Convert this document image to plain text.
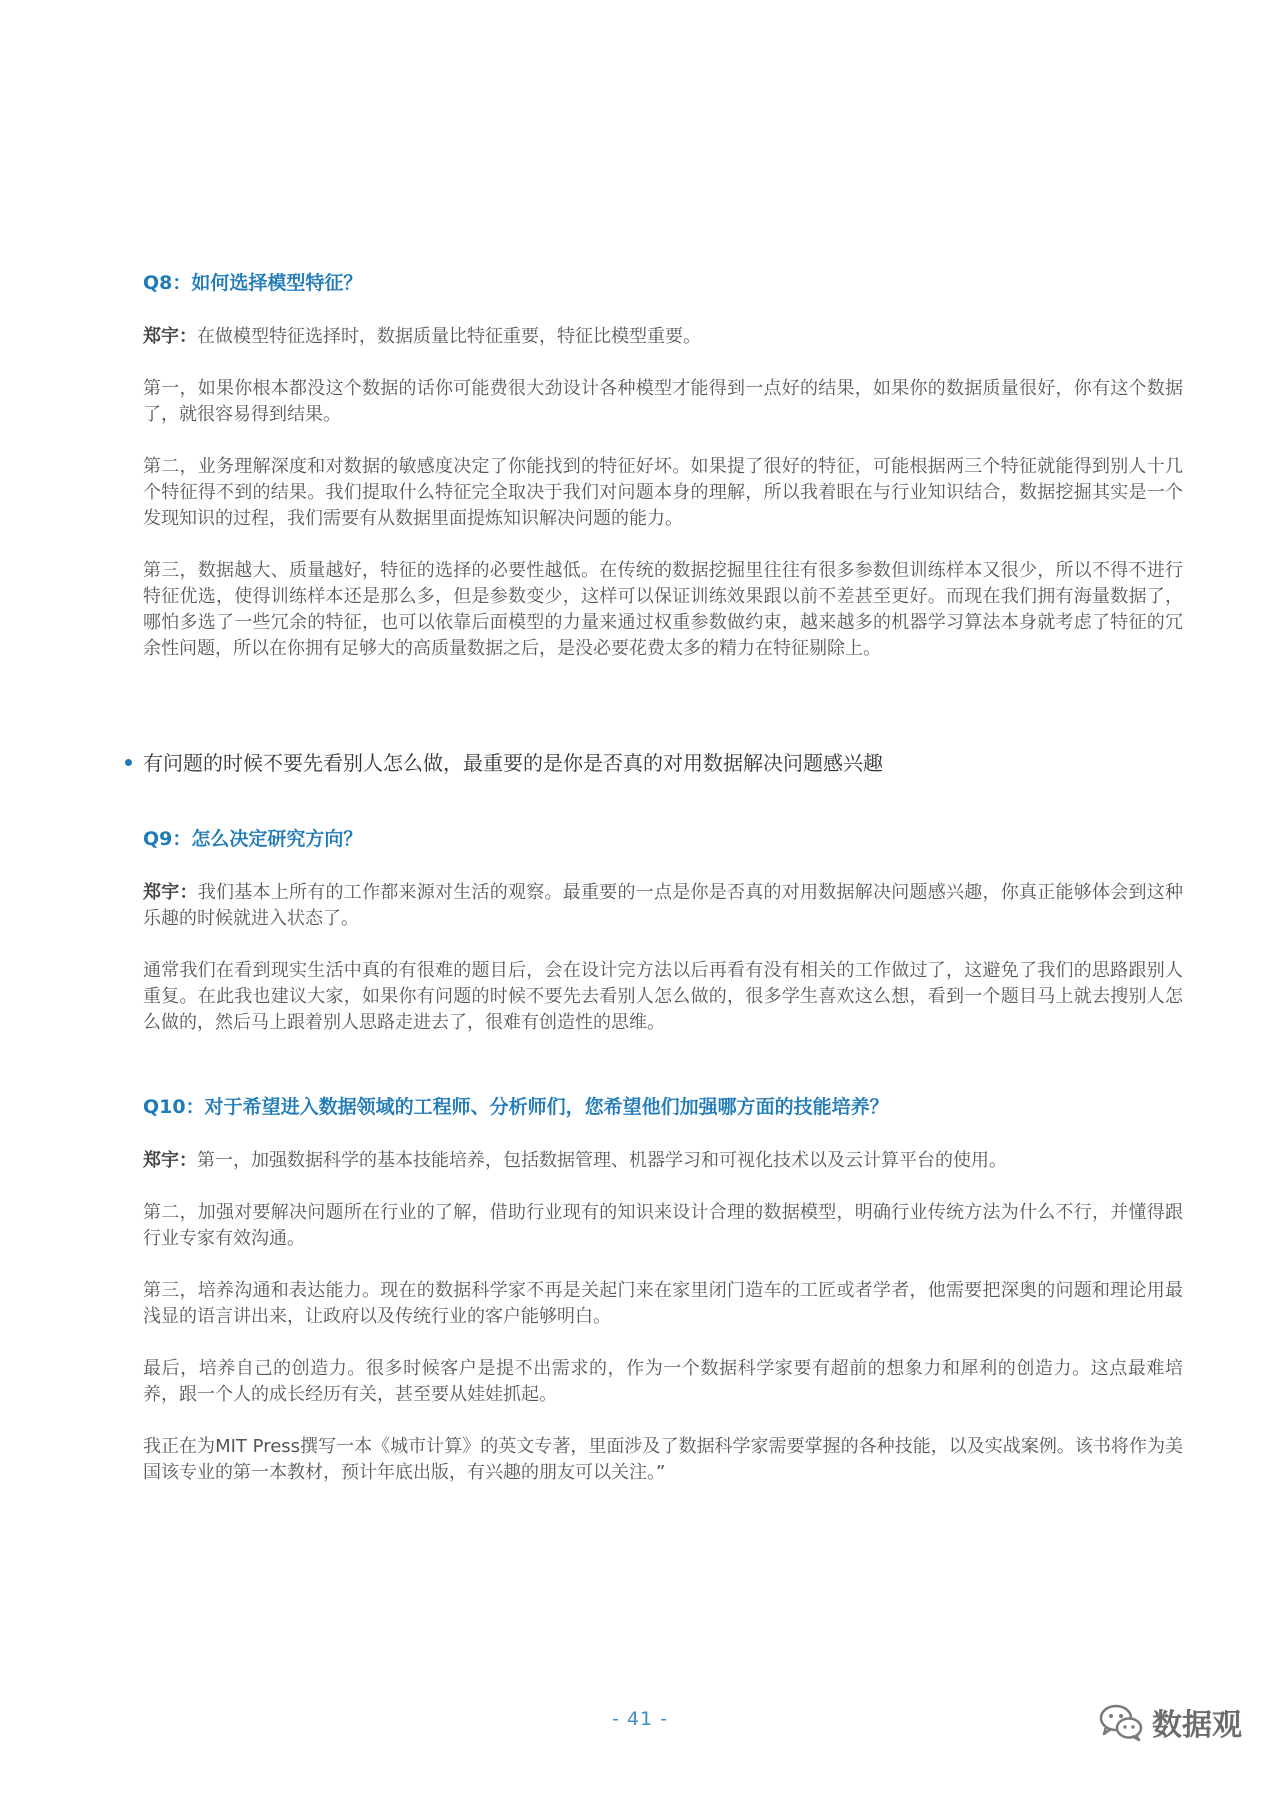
Q8：如何选择模型特征？

郑宇：在做模型特征选择时，数据质量比特征重要，特征比模型重要。

第一，如果你根本都没这个数据的话你可能费很大劲设计各种模型才能得到一点好的结果，如果你的数据质量很好，你有这个数据了，就很容易得到结果。

第二，业务理解深度和对数据的敏感度决定了你能找到的特征好坏。如果提了很好的特征，可能根据两三个特征就能得到别人十几个特征得不到的结果。我们提取什么特征完全取决于我们对问题本身的理解，所以我着眼在与行业知识结合，数据挖掘其实是一个发现知识的过程，我们需要有从数据里面提炼知识解决问题的能力。

第三，数据越大、质量越好，特征的选择的必要性越低。在传统的数据挖掘里往往有很多参数但训练样本又很少，所以不得不进行特征优选，使得训练样本还是那么多，但是参数变少，这样可以保证训练效果跟以前不差甚至更好。而现在我们拥有海量数据了，哪怕多选了一些冗余的特征，也可以依靠后面模型的力量来通过权重参数做约束，越来越多的机器学习算法本身就考虑了特征的冗余性问题，所以在你拥有足够大的高质量数据之后，是没必要花费太多的精力在特征剔除上。

有问题的时候不要先看别人怎么做，最重要的是你是否真的对用数据解决问题感兴趣
Q9：怎么决定研究方向？

郑宇：我们基本上所有的工作都来源对生活的观察。最重要的一点是你是否真的对用数据解决问题感兴趣，你真正能够体会到这种乐趣的时候就进入状态了。

通常我们在看到现实生活中真的有很难的题目后，会在设计完方法以后再看有没有相关的工作做过了，这避免了我们的思路跟别人重复。在此我也建议大家，如果你有问题的时候不要先去看别人怎么做的，很多学生喜欢这么想，看到一个题目马上就去搜别人怎么做的，然后马上跟着别人思路走进去了，很难有创造性的思维。

Q10：对于希望进入数据领域的工程师、分析师们，您希望他们加强哪方面的技能培养？

郑宇：第一，加强数据科学的基本技能培养，包括数据管理、机器学习和可视化技术以及云计算平台的使用。

第二，加强对要解决问题所在行业的了解，借助行业现有的知识来设计合理的数据模型，明确行业传统方法为什么不行，并懂得跟行业专家有效沟通。

第三，培养沟通和表达能力。现在的数据科学家不再是关起门来在家里闭门造车的工匠或者学者，他需要把深奥的问题和理论用最浅显的语言讲出来，让政府以及传统行业的客户能够明白。

最后，培养自己的创造力。很多时候客户是提不出需求的，作为一个数据科学家要有超前的想象力和犀利的创造力。这点最难培养，跟一个人的成长经历有关，甚至要从娃娃抓起。

我正在为MIT Press撰写一本《城市计算》的英文专著，里面涉及了数据科学家需要掌握的各种技能，以及实战案例。该书将作为美国该专业的第一本教材，预计年底出版，有兴趣的朋友可以关注。”

- 41 -	数据观
